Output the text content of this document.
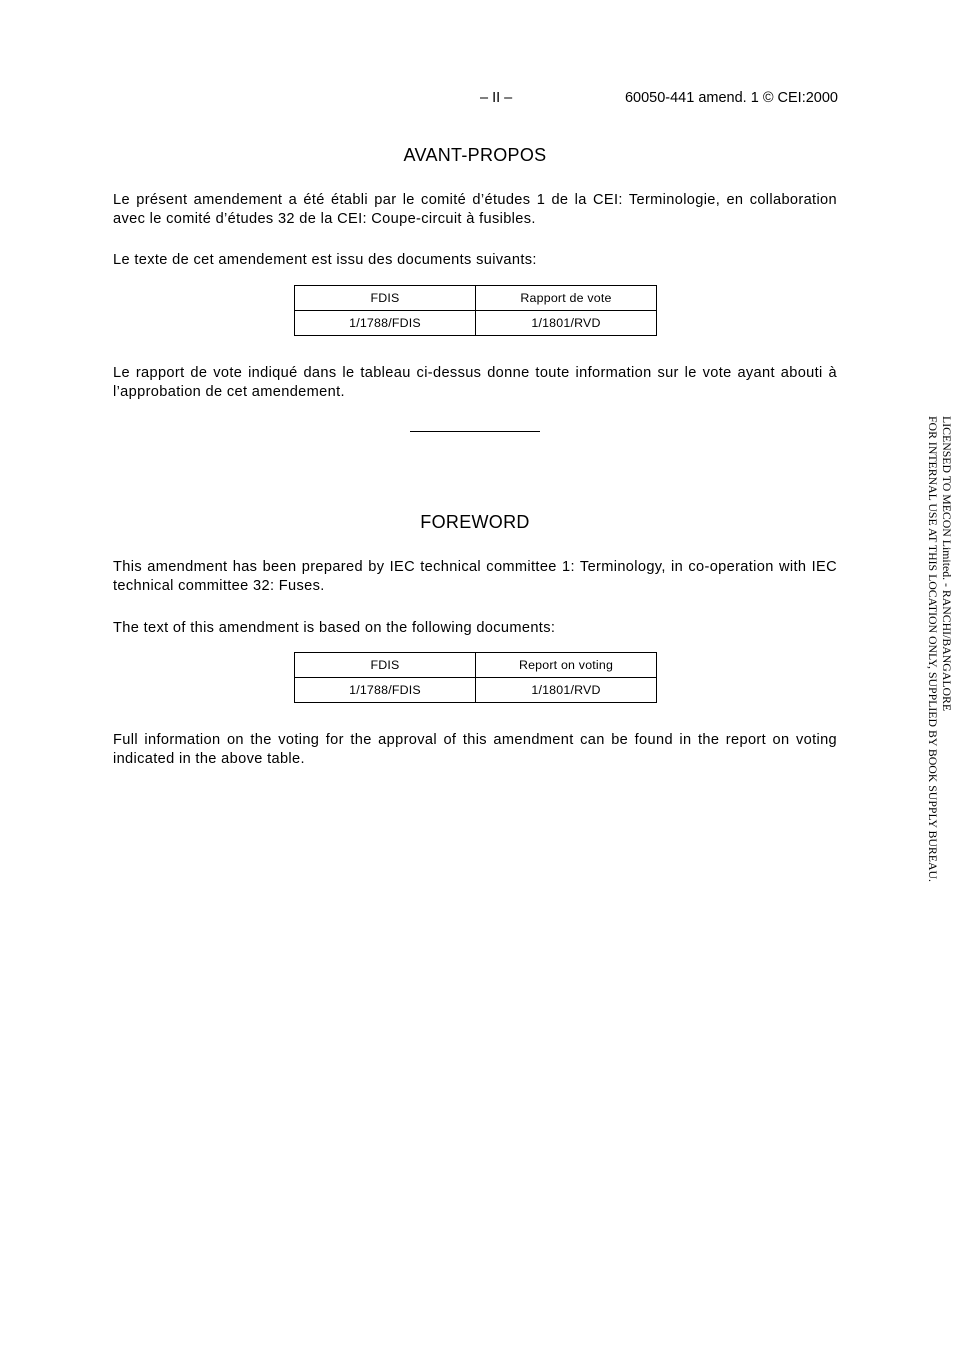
– II –	60050-441 amend. 1 © CEI:2000
AVANT-PROPOS
Le présent amendement a été établi par le comité d’études 1 de la CEI: Terminologie, en collaboration avec le comité d’études 32 de la CEI: Coupe-circuit à fusibles.
Le texte de cet amendement est issu des documents suivants:
FDIS	Rapport de vote
1/1788/FDIS	1/1801/RVD
Le rapport de vote indiqué dans le tableau ci-dessus donne toute information sur le vote ayant abouti à l’approbation de cet amendement.
FOREWORD
This amendment has been prepared by IEC technical committee 1: Terminology, in co-operation with IEC technical committee 32: Fuses.
The text of this amendment is based on the following documents:
FDIS	Report on voting
1/1788/FDIS	1/1801/RVD
Full information on the voting for the approval of this amendment can be found in the report on voting indicated in the above table.
LICENSED TO MECON Limited. - RANCHI/BANGALORE
FOR INTERNAL USE AT THIS LOCATION ONLY, SUPPLIED BY BOOK SUPPLY BUREAU.
